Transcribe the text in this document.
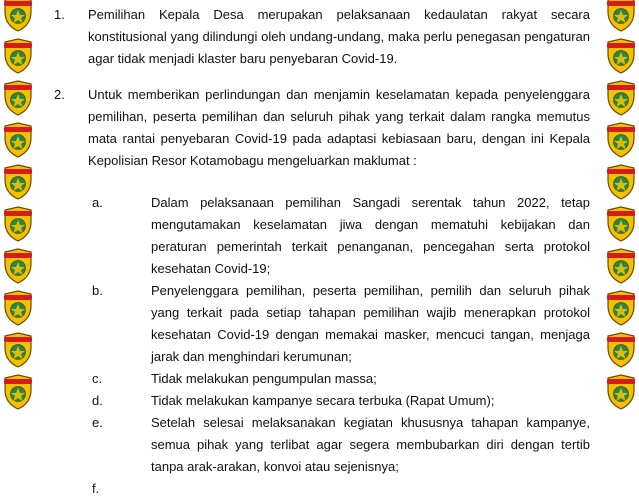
1. Pemilihan Kepala Desa merupakan pelaksanaan kedaulatan rakyat secara konstitusional yang dilindungi oleh undang-undang, maka perlu penegasan pengaturan agar tidak menjadi klaster baru penyebaran Covid-19.
2. Untuk memberikan perlindungan dan menjamin keselamatan kepada penyelenggara pemilihan, peserta pemilihan dan seluruh pihak yang terkait dalam rangka memutus mata rantai penyebaran Covid-19 pada adaptasi kebiasaan baru, dengan ini Kepala Kepolisian Resor Kotamobagu mengeluarkan maklumat :
a.	Dalam pelaksanaan pemilihan Sangadi serentak tahun 2022, tetap mengutamakan keselamatan jiwa dengan mematuhi kebijakan dan peraturan pemerintah terkait penanganan, pencegahan serta protokol kesehatan Covid-19;
b.	Penyelenggara pemilihan, peserta pemilihan, pemilih dan seluruh pihak yang terkait pada setiap tahapan pemilihan wajib menerapkan protokol kesehatan Covid-19 dengan memakai masker, mencuci tangan, menjaga jarak dan menghindari kerumunan;
c.	Tidak melakukan pengumpulan massa;
d.	Tidak melakukan kampanye secara terbuka (Rapat Umum);
e.	Setelah selesai melaksanakan kegiatan khususnya tahapan kampanye, semua pihak yang terlibat agar segera membubarkan diri dengan tertib tanpa arak-arakan, konvoi atau sejenisnya;
f.
